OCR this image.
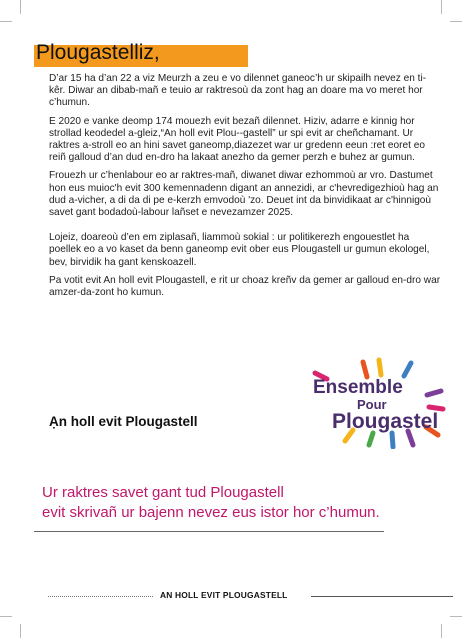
Plougastelliz,

D’ar 15 ha d’an 22 a viz Meurzh a zeu e vo dilennet ganeoc’h ur skipailh nevez en ti-kêr. Diwar an dibab-mañ e teuio ar raktresoù da zont hag an doare ma vo meret hor c’humun.

E 2020 e vanke deomp 174 mouezh evit bezañ dilennet. Hiziv, adarre e kinnig hor strollad keodedel a-gleiz,“An holl evit Plou--gastell” ur spi evit ar cheñchamant. Ur raktres a-stroll eo an hini savet ganeomp,diazezet war ur gredenn eeun :ret eoret eo reiñ galloud d’an dud en-dro ha lakaat anezho da gemer perzh e buhez ar gumun.

Frouezh ur c’henlabour eo ar raktres-mañ, diwanet diwar ezhommoù ar vro. Dastumet hon eus muioc'h evit 300 kemennadenn digant an annezidi, ar c'hevredigezhioù hag an dud a-vicher, a di da di pe e-kerzh emvodoù 'zo. Deuet int da binvidikaat ar c'hinnigoù savet gant bodadoù-labour lañset e nevezamzer 2025.

Lojeiz, doareoù d’en em ziplasañ, liammoù sokial : ur politikerezh engouestlet ha poellek eo a vo kaset da benn ganeomp evit ober eus Plougastell ur gumun ekologel, bev, birvidik ha gant kenskoazell.

Pa votit evit An holl evit Plougastell, e rit ur choaz kreñv da gemer ar galloud en-dro war amzer-da-zont ho kumun.

Ạn holl evit Plougastell
Ensemble
Pour
Plougastel
Ur raktres savet gant tud Plougastell
evit skrivañ ur bajenn nevez eus istor hor c’humun.
AN HOLL EVIT PLOUGASTELL
